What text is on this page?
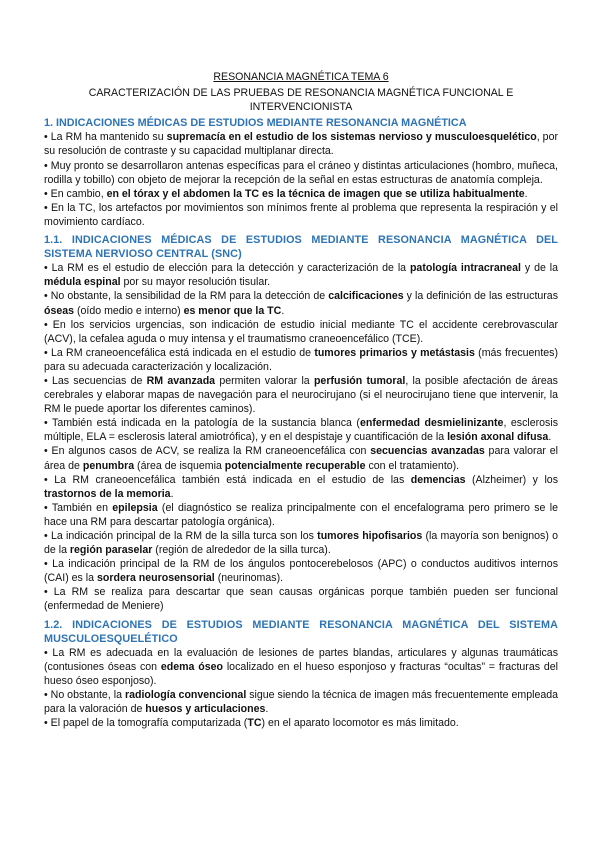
RESONANCIA MAGNÉTICA TEMA 6
CARACTERIZACIÓN DE LAS PRUEBAS DE RESONANCIA MAGNÉTICA FUNCIONAL E INTERVENCIONISTA
1. INDICACIONES MÉDICAS DE ESTUDIOS MEDIANTE RESONANCIA MAGNÉTICA

• La RM ha mantenido su supremacía en el estudio de los sistemas nervioso y musculoesquelético, por su resolución de contraste y su capacidad multiplanar directa.

• Muy pronto se desarrollaron antenas específicas para el cráneo y distintas articulaciones (hombro, muñeca, rodilla y tobillo) con objeto de mejorar la recepción de la señal en estas estructuras de anatomía compleja.

• En cambio, en el tórax y el abdomen la TC es la técnica de imagen que se utiliza habitualmente.

• En la TC, los artefactos por movimientos son mínimos frente al problema que representa la respiración y el movimiento cardíaco.

1.1. INDICACIONES MÉDICAS DE ESTUDIOS MEDIANTE RESONANCIA MAGNÉTICA DEL SISTEMA NERVIOSO CENTRAL (SNC)

• La RM es el estudio de elección para la detección y caracterización de la patología intracraneal y de la médula espinal por su mayor resolución tisular.

• No obstante, la sensibilidad de la RM para la detección de calcificaciones y la definición de las estructuras óseas (oído medio e interno) es menor que la TC.

• En los servicios urgencias, son indicación de estudio inicial mediante TC el accidente cerebrovascular (ACV), la cefalea aguda o muy intensa y el traumatismo craneoencefálico (TCE).

• La RM craneoencefálica está indicada en el estudio de tumores primarios y metástasis (más frecuentes) para su adecuada caracterización y localización.

• Las secuencias de RM avanzada permiten valorar la perfusión tumoral, la posible afectación de áreas cerebrales y elaborar mapas de navegación para el neurocirujano (si el neurocirujano tiene que intervenir, la RM le puede aportar los diferentes caminos).

• También está indicada en la patología de la sustancia blanca (enfermedad desmielinizante, esclerosis múltiple, ELA = esclerosis lateral amiotrófica), y en el despistaje y cuantificación de la lesión axonal difusa.

• En algunos casos de ACV, se realiza la RM craneoencefálica con secuencias avanzadas para valorar el área de penumbra (área de isquemia potencialmente recuperable con el tratamiento).

• La RM craneoencefálica también está indicada en el estudio de las demencias (Alzheimer) y los trastornos de la memoria.

• También en epilepsia (el diagnóstico se realiza principalmente con el encefalograma pero primero se le hace una RM para descartar patología orgánica).

• La indicación principal de la RM de la silla turca son los tumores hipofisarios (la mayoría son benignos) o de la región paraselar (región de alrededor de la silla turca).

• La indicación principal de la RM de los ángulos pontocerebelosos (APC) o conductos auditivos internos (CAI) es la sordera neurosensorial (neurinomas).

• La RM se realiza para descartar que sean causas orgánicas porque también pueden ser funcional (enfermedad de Meniere)

1.2. INDICACIONES DE ESTUDIOS MEDIANTE RESONANCIA MAGNÉTICA DEL SISTEMA MUSCULOESQUELÉTICO

• La RM es adecuada en la evaluación de lesiones de partes blandas, articulares y algunas traumáticas (contusiones óseas con edema óseo localizado en el hueso esponjoso y fracturas “ocultas” = fracturas del hueso óseo esponjoso).

• No obstante, la radiología convencional sigue siendo la técnica de imagen más frecuentemente empleada para la valoración de huesos y articulaciones.

• El papel de la tomografía computarizada (TC) en el aparato locomotor es más limitado.
